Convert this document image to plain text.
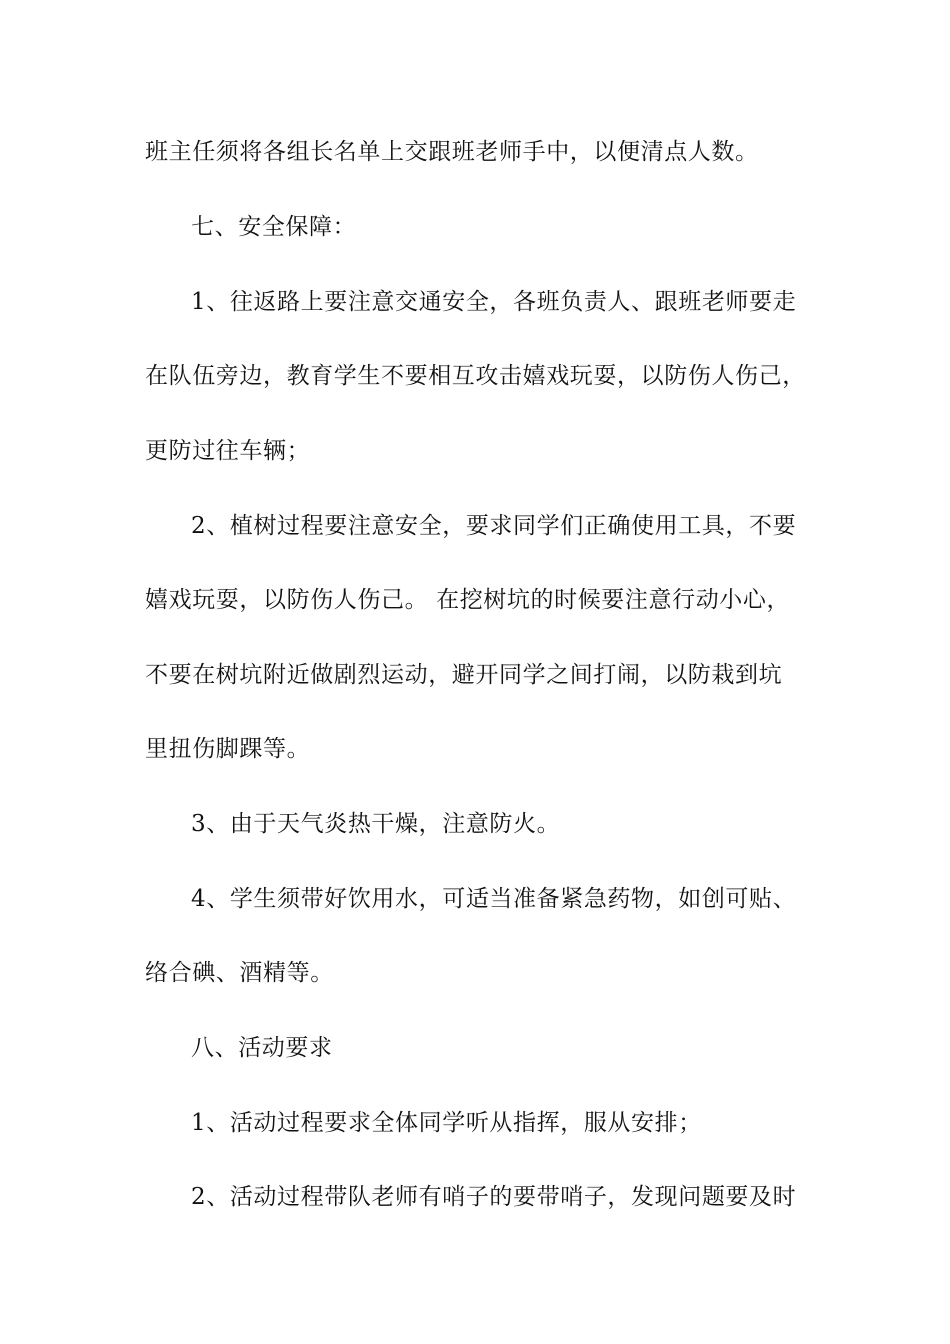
班主任须将各组长名单上交跟班老师手中，以便清点人数。
七、安全保障：
1、往返路上要注意交通安全，各班负责人、跟班老师要走
在队伍旁边，教育学生不要相互攻击嬉戏玩耍，以防伤人伤己，
更防过往车辆；
2、植树过程要注意安全，要求同学们正确使用工具，不要
嬉戏玩耍，以防伤人伤己。 在挖树坑的时候要注意行动小心，
不要在树坑附近做剧烈运动，避开同学之间打闹，以防栽到坑
里扭伤脚踝等。
3、由于天气炎热干燥，注意防火。
4、学生须带好饮用水，可适当准备紧急药物，如创可贴、
络合碘、酒精等。
八、活动要求
1、活动过程要求全体同学听从指挥，服从安排；
2、活动过程带队老师有哨子的要带哨子，发现问题要及时
